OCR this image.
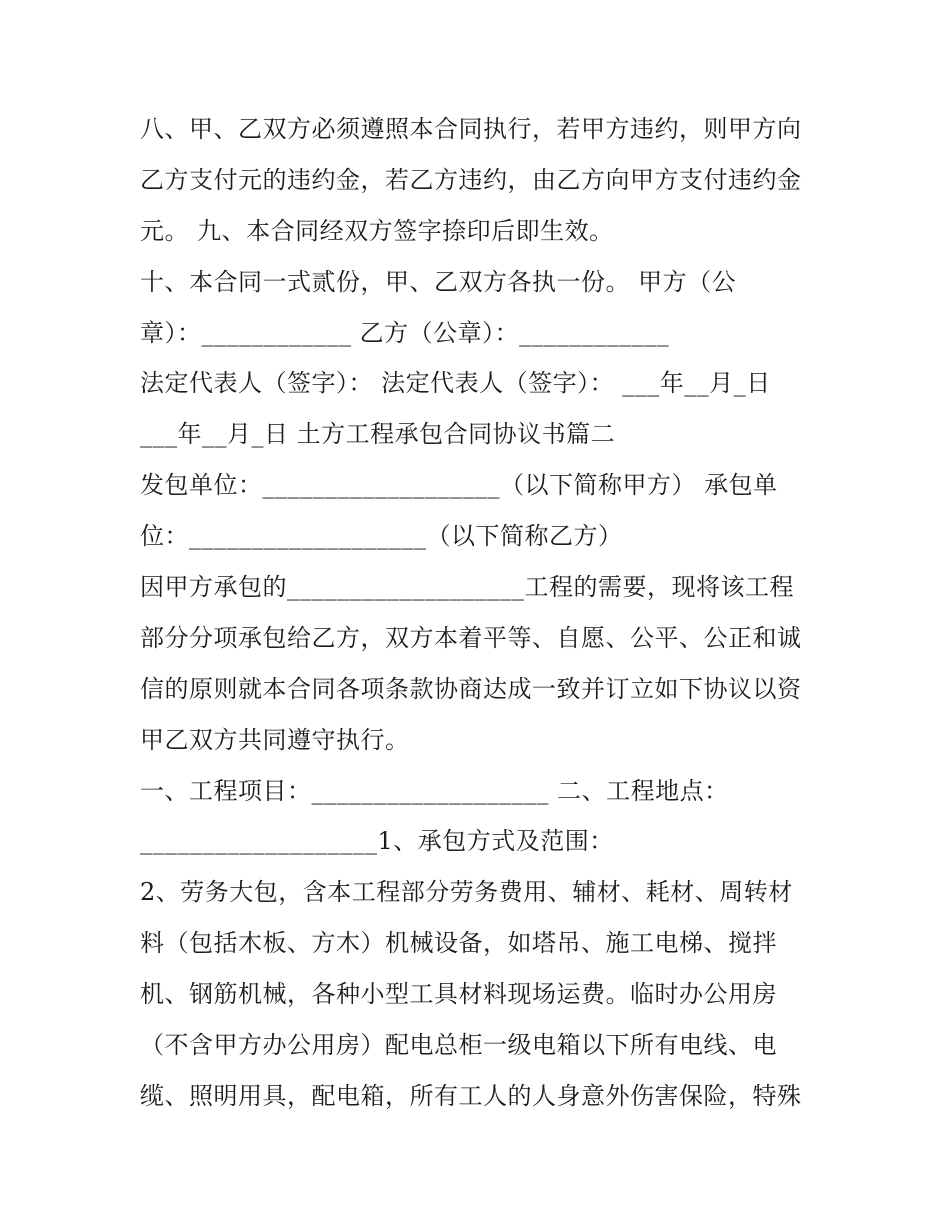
八、甲、乙双方必须遵照本合同执行，若甲方违约，则甲方向
乙方支付元的违约金，若乙方违约，由乙方向甲方支付违约金
元。 九、本合同经双方签字捺印后即生效。
十、本合同一式贰份，甲、乙双方各执一份。 甲方（公
章）：____________ 乙方（公章）：____________
法定代表人（签字）： 法定代表人（签字）： ___年__月_日
___年__月_日 土方工程承包合同协议书篇二
发包单位：___________________（以下简称甲方） 承包单
位：___________________（以下简称乙方）
因甲方承包的___________________工程的需要，现将该工程
部分分项承包给乙方，双方本着平等、自愿、公平、公正和诚
信的原则就本合同各项条款协商达成一致并订立如下协议以资
甲乙双方共同遵守执行。
一、工程项目：___________________ 二、工程地点：
___________________1、承包方式及范围：
2、劳务大包，含本工程部分劳务费用、辅材、耗材、周转材
料（包括木板、方木）机械设备，如塔吊、施工电梯、搅拌
机、钢筋机械，各种小型工具材料现场运费。临时办公用房
（不含甲方办公用房）配电总柜一级电箱以下所有电线、电
缆、照明用具，配电箱，所有工人的人身意外伤害保险，特殊
